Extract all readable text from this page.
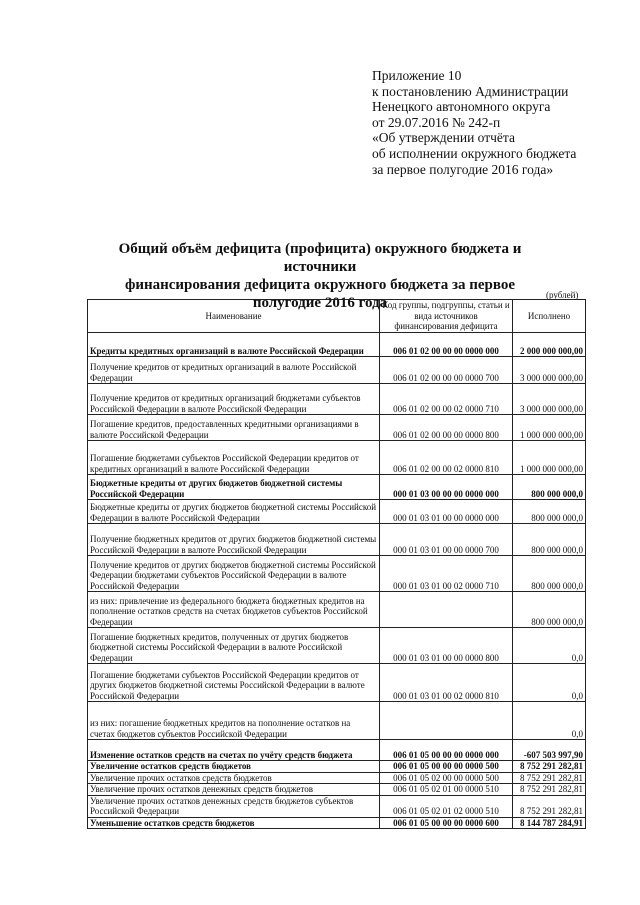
Приложение 10
к постановлению Администрации
Ненецкого автономного округа
от 29.07.2016 № 242-п
«Об утверждении отчёта
об исполнении окружного бюджета
за первое полугодие 2016 года»
Общий объём дефицита (профицита) окружного бюджета и источники
финансирования дефицита окружного бюджета за первое полугодие 2016 года	(рублей)
Наименование	Код группы, подгруппы, статьи и вида источников финансирования дефицита	Исполнено
Кредиты кредитных организаций в валюте Российской Федерации	006 01 02 00 00 00 0000 000	2 000 000 000,00
Получение кредитов от кредитных организаций в валюте Российской Федерации	006 01 02 00 00 00 0000 700	3 000 000 000,00
Получение кредитов от кредитных организаций бюджетами субъектов Российской Федерации в валюте Российской Федерации	006 01 02 00 00 02 0000 710	3 000 000 000,00
Погашение кредитов, предоставленных кредитными организациями в валюте Российской Федерации	006 01 02 00 00 00 0000 800	1 000 000 000,00
Погашение бюджетами субъектов Российской Федерации кредитов от кредитных организаций в валюте Российской Федерации	006 01 02 00 00 02 0000 810	1 000 000 000,00
Бюджетные кредиты от других бюджетов бюджетной системы Российской Федерации	000 01 03 00 00 00 0000 000	800 000 000,0
Бюджетные кредиты от других бюджетов бюджетной системы Российской Федерации в валюте Российской Федерации	000 01 03 01 00 00 0000 000	800 000 000,0
Получение бюджетных кредитов от других бюджетов бюджетной системы Российской Федерации в валюте Российской Федерации	000 01 03 01 00 00 0000 700	800 000 000,0
Получение кредитов от других бюджетов бюджетной системы Российской Федерации бюджетами субъектов Российской Федерации в валюте Российской Федерации	000 01 03 01 00 02 0000 710	800 000 000,0
из них: привлечение из федерального бюджета бюджетных кредитов на пополнение остатков средств на счетах бюджетов субъектов Российской Федерации		800 000 000,0
Погашение бюджетных кредитов, полученных от других бюджетов бюджетной системы Российской Федерации в валюте Российской Федерации	000 01 03 01 00 00 0000 800	0,0
Погашение бюджетами субъектов Российской Федерации кредитов от других бюджетов бюджетной системы Российской Федерации в валюте Российской Федерации	000 01 03 01 00 02 0000 810	0,0
из них: погашение бюджетных кредитов на пополнение остатков на счетах бюджетов субъектов Российской Федерации		0,0
Изменение остатков средств на счетах по учёту средств бюджета	006 01 05 00 00 00 0000 000	-607 503 997,90
Увеличение остатков средств бюджетов	006 01 05 00 00 00 0000 500	8 752 291 282,81
Увеличение прочих остатков средств бюджетов	006 01 05 02 00 00 0000 500	8 752 291 282,81
Увеличение прочих остатков денежных средств бюджетов	006 01 05 02 01 00 0000 510	8 752 291 282,81
Увеличение прочих остатков денежных средств бюджетов субъектов Российской Федерации	006 01 05 02 01 02 0000 510	8 752 291 282,81
Уменьшение остатков средств бюджетов	006 01 05 00 00 00 0000 600	8 144 787 284,91
